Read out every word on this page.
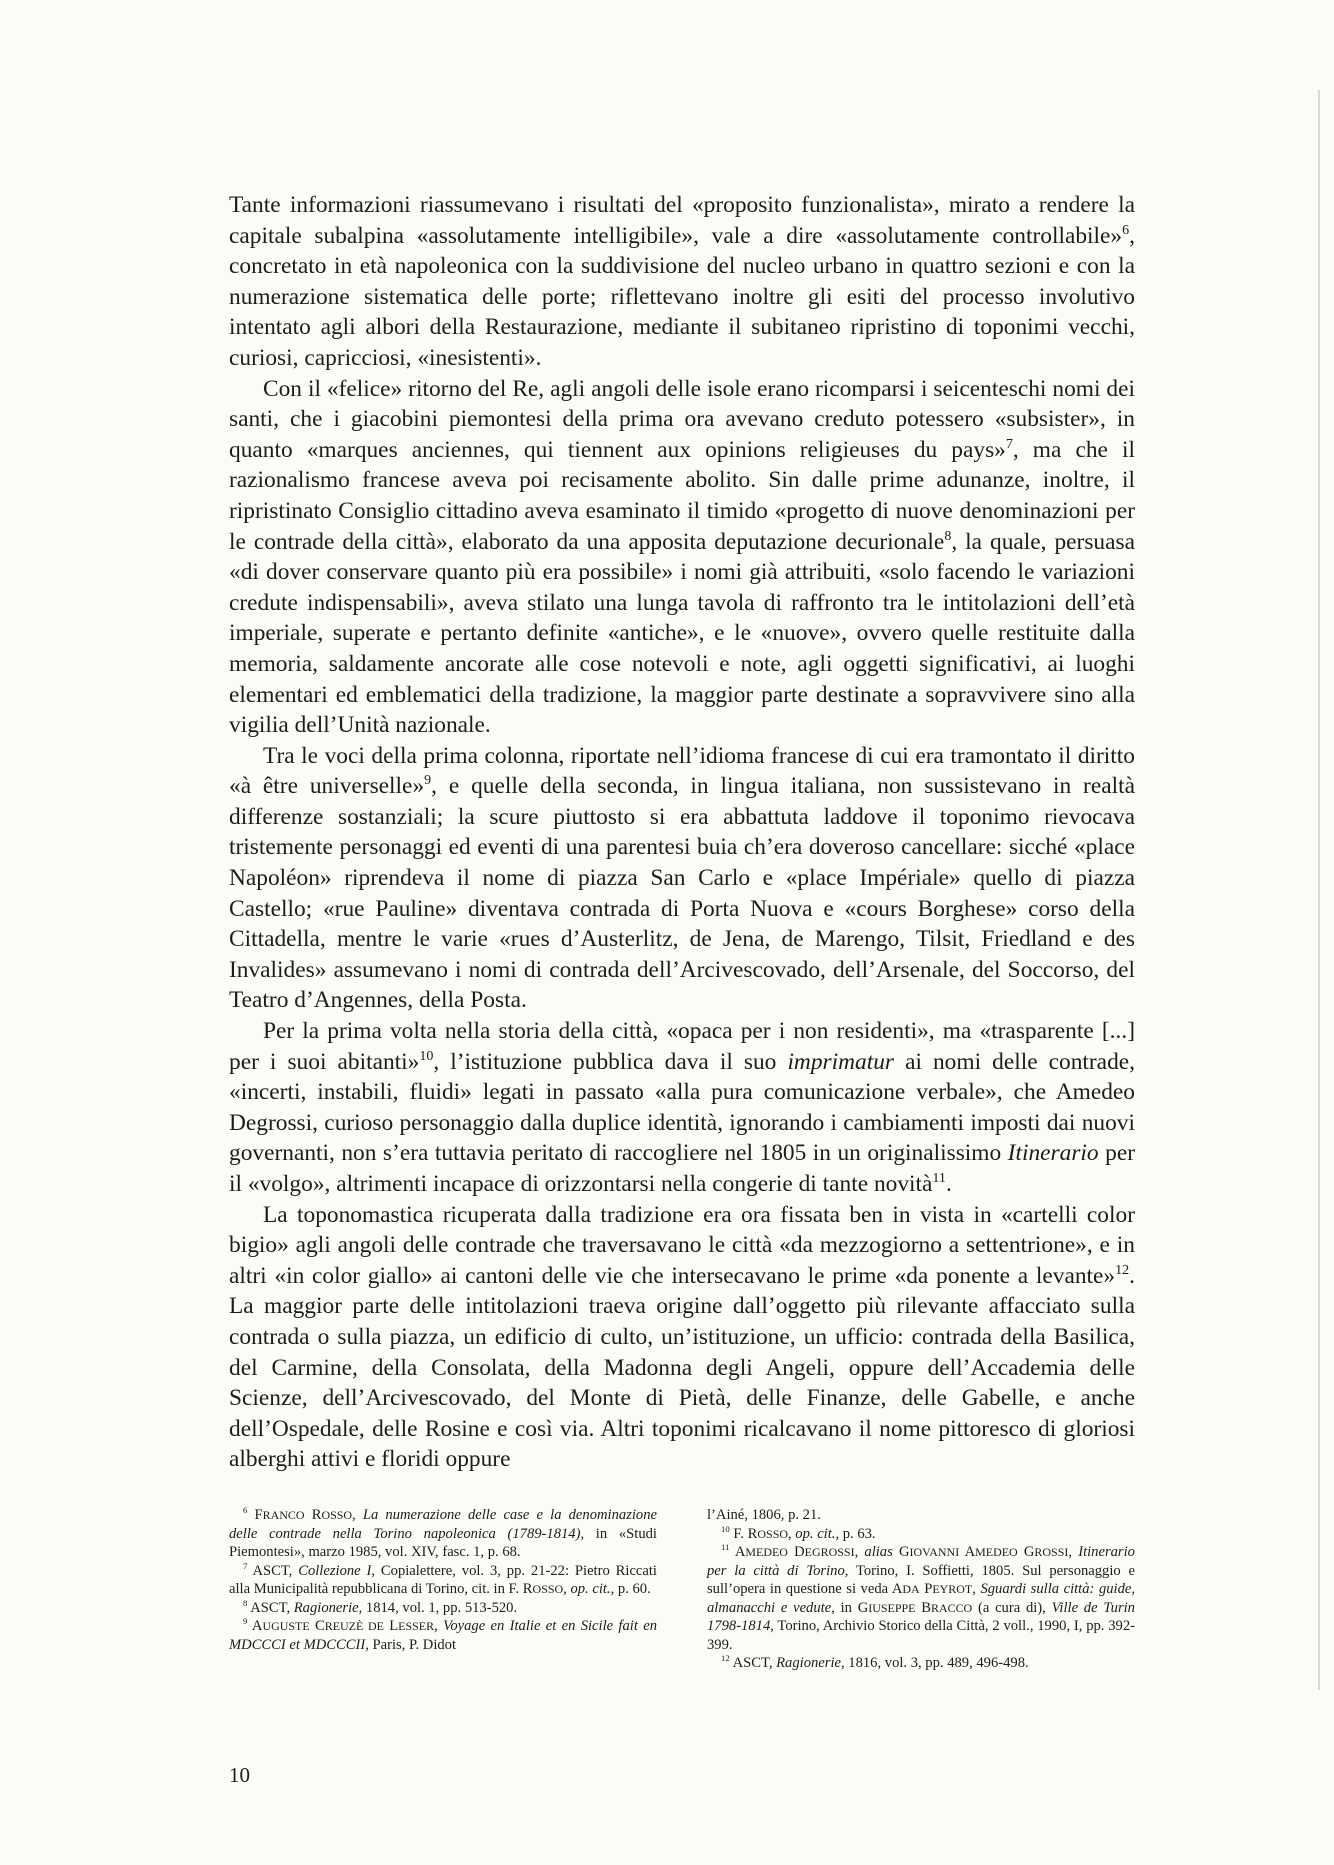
Tante informazioni riassumevano i risultati del «proposito funzionalista», mirato a rendere la capitale subalpina «assolutamente intelligibile», vale a dire «assolutamente controllabile»$^6$, concretato in età napoleonica con la suddivisione del nucleo urbano in quattro sezioni e con la numerazione sistematica delle porte; riflettevano inoltre gli esiti del processo involutivo intentato agli albori della Restaurazione, mediante il subitaneo ripristino di toponimi vecchi, curiosi, capricciosi, «inesistenti».

Con il «felice» ritorno del Re, agli angoli delle isole erano ricomparsi i seicenteschi nomi dei santi, che i giacobini piemontesi della prima ora avevano creduto potessero «subsister», in quanto «marques anciennes, qui tiennent aux opinions religieuses du pays»$^7$, ma che il razionalismo francese aveva poi recisamente abolito. Sin dalle prime adunanze, inoltre, il ripristinato Consiglio cittadino aveva esaminato il timido «progetto di nuove denominazioni per le contrade della città», elaborato da una apposita deputazione decurionale$^8$, la quale, persuasa «di dover conservare quanto più era possibile» i nomi già attribuiti, «solo facendo le variazioni credute indispensabili», aveva stilato una lunga tavola di raffronto tra le intitolazioni dell’età imperiale, superate e pertanto definite «antiche», e le «nuove», ovvero quelle restituite dalla memoria, saldamente ancorate alle cose notevoli e note, agli oggetti significativi, ai luoghi elementari ed emblematici della tradizione, la maggior parte destinate a sopravvivere sino alla vigilia dell’Unità nazionale.

Tra le voci della prima colonna, riportate nell’idioma francese di cui era tramontato il diritto «à être universelle»$^9$, e quelle della seconda, in lingua italiana, non sussistevano in realtà differenze sostanziali; la scure piuttosto si era abbattuta laddove il toponimo rievocava tristemente personaggi ed eventi di una parentesi buia ch’era doveroso cancellare: sicché «place Napoléon» riprendeva il nome di piazza San Carlo e «place Impériale» quello di piazza Castello; «rue Pauline» diventava contrada di Porta Nuova e «cours Borghese» corso della Cittadella, mentre le varie «rues d’Austerlitz, de Jena, de Marengo, Tilsit, Friedland e des Invalides» assumevano i nomi di contrada dell’Arcivescovado, dell’Arsenale, del Soccorso, del Teatro d’Angennes, della Posta.

Per la prima volta nella storia della città, «opaca per i non residenti», ma «trasparente [...] per i suoi abitanti»$^{10}$, l’istituzione pubblica dava il suo imprimatur ai nomi delle contrade, «incerti, instabili, fluidi» legati in passato «alla pura comunicazione verbale», che Amedeo Degrossi, curioso personaggio dalla duplice identità, ignorando i cambiamenti imposti dai nuovi governanti, non s’era tuttavia peritato di raccogliere nel 1805 in un originalissimo Itinerario per il «volgo», altrimenti incapace di orizzontarsi nella congerie di tante novità$^{11}$.

La toponomastica ricuperata dalla tradizione era ora fissata ben in vista in «cartelli color bigio» agli angoli delle contrade che traversavano le città «da mezzogiorno a settentrione», e in altri «in color giallo» ai cantoni delle vie che intersecavano le prime «da ponente a levante»$^{12}$. La maggior parte delle intitolazioni traeva origine dall’oggetto più rilevante affacciato sulla contrada o sulla piazza, un edificio di culto, un’istituzione, un ufficio: contrada della Basilica, del Carmine, della Consolata, della Madonna degli Angeli, oppure dell’Accademia delle Scienze, dell’Arcivescovado, del Monte di Pietà, delle Finanze, delle Gabelle, e anche dell’Ospedale, delle Rosine e così via. Altri toponimi ricalcavano il nome pittoresco di gloriosi alberghi attivi e floridi oppure

$^6$ FRANCO ROSSO, La numerazione delle case e la denominazione delle contrade nella Torino napoleonica (1789-1814), in «Studi Piemontesi», marzo 1985, vol. XIV, fasc. 1, p. 68.

$^7$ ASCT, Collezione I, Copialettere, vol. 3, pp. 21-22: Pietro Riccati alla Municipalità repubblicana di Torino, cit. in F. ROSSO, op. cit., p. 60.

$^8$ ASCT, Ragionerie, 1814, vol. 1, pp. 513-520.

$^9$ AUGUSTE CREUZÈ DE LESSER, Voyage en Italie et en Sicile fait en MDCCCI et MDCCCII, Paris, P. Didot

l’Ainé, 1806, p. 21.

$^{10}$ F. ROSSO, op. cit., p. 63.

$^{11}$ AMEDEO DEGROSSI, alias GIOVANNI AMEDEO GROSSI, Itinerario per la città di Torino, Torino, I. Soffietti, 1805. Sul personaggio e sull’opera in questione si veda ADA PEYROT, Sguardi sulla città: guide, almanacchi e vedute, in GIUSEPPE BRACCO (a cura di), Ville de Turin 1798-1814, Torino, Archivio Storico della Città, 2 voll., 1990, I, pp. 392-399.

$^{12}$ ASCT, Ragionerie, 1816, vol. 3, pp. 489, 496-498.

10
